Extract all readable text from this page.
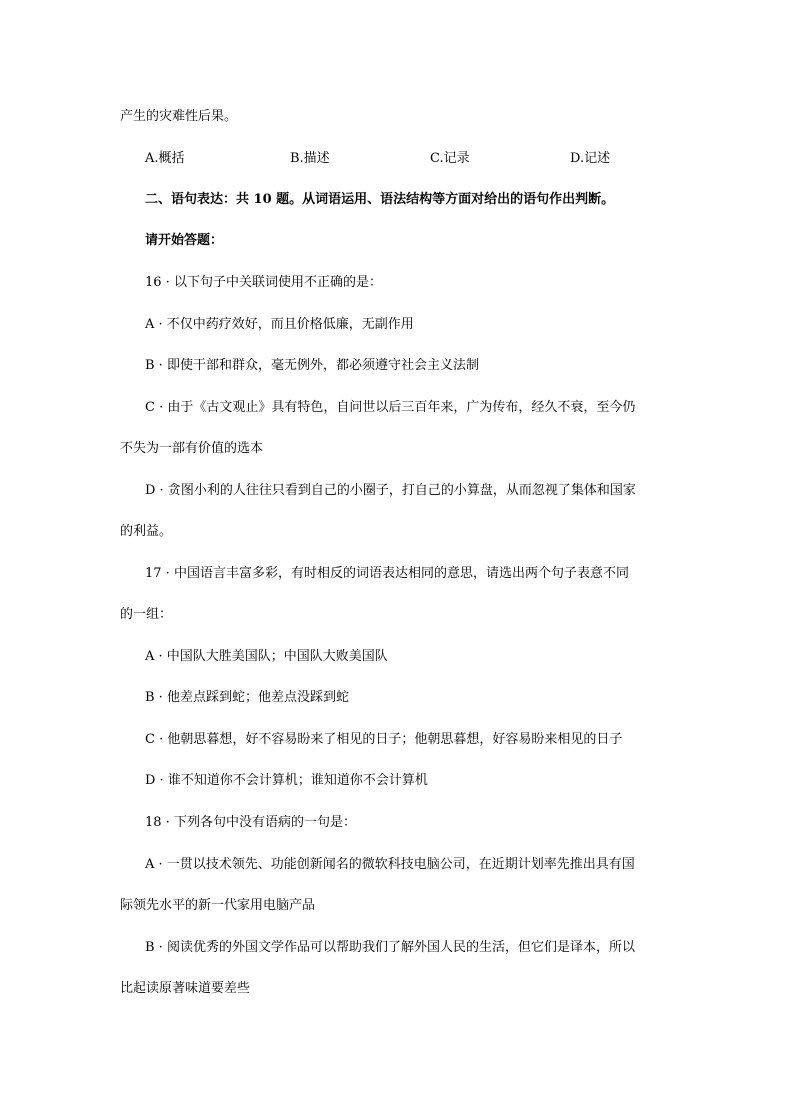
产生的灾难性后果。
A.概括	B.描述	C.记录	D.记述
二、语句表达：共 10 题。从词语运用、语法结构等方面对给出的语句作出判断。
请开始答题：
16 · 以下句子中关联词使用不正确的是：
A · 不仅中药疗效好，而且价格低廉，无副作用
B · 即使干部和群众，毫无例外，都必须遵守社会主义法制
C · 由于《古文观止》具有特色，自问世以后三百年来，广为传布，经久不衰，至今仍
不失为一部有价值的选本
D · 贪图小利的人往往只看到自己的小圈子，打自己的小算盘，从而忽视了集体和国家
的利益。
17 · 中国语言丰富多彩，有时相反的词语表达相同的意思，请选出两个句子表意不同
的一组：
A · 中国队大胜美国队；中国队大败美国队
B · 他差点踩到蛇；他差点没踩到蛇
C · 他朝思暮想，好不容易盼来了相见的日子；他朝思暮想，好容易盼来相见的日子
D · 谁不知道你不会计算机；谁知道你不会计算机
18 · 下列各句中没有语病的一句是：
A · 一贯以技术领先、功能创新闻名的微软科技电脑公司，在近期计划率先推出具有国
际领先水平的新一代家用电脑产品
B · 阅读优秀的外国文学作品可以帮助我们了解外国人民的生活，但它们是译本，所以
比起读原著味道要差些
